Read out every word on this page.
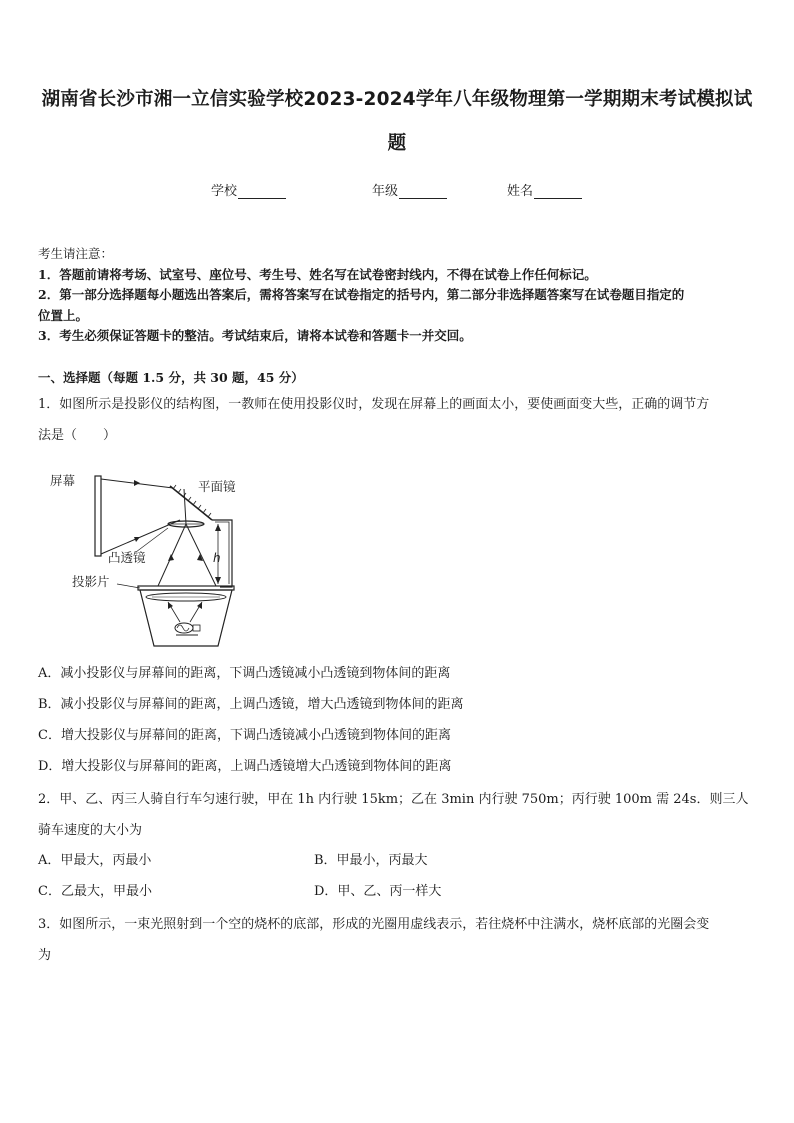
湖南省长沙市湘一立信实验学校2023-2024学年八年级物理第一学期期末考试模拟试
题
学校	年级	姓名
考生请注意：
1．答题前请将考场、试室号、座位号、考生号、姓名写在试卷密封线内，不得在试卷上作任何标记。
2．第一部分选择题每小题选出答案后，需将答案写在试卷指定的括号内，第二部分非选择题答案写在试卷题目指定的
位置上。
3．考生必须保证答题卡的整洁。考试结束后，请将本试卷和答题卡一并交回。
一、选择题（每题 1.5 分，共 30 题，45 分）
1．如图所示是投影仪的结构图，一教师在使用投影仪时，发现在屏幕上的画面太小，要使画面变大些，正确的调节方
法是（　　）
h
屏幕	平面镜
凸透镜
投影片
A．减小投影仪与屏幕间的距离，下调凸透镜减小凸透镜到物体间的距离
B．减小投影仪与屏幕间的距离，上调凸透镜，增大凸透镜到物体间的距离
C．增大投影仪与屏幕间的距离，下调凸透镜减小凸透镜到物体间的距离
D．增大投影仪与屏幕间的距离，上调凸透镜增大凸透镜到物体间的距离
2．甲、乙、丙三人骑自行车匀速行驶，甲在 1h 内行驶 15km；乙在 3min 内行驶 750m；丙行驶 100m 需 24s．则三人
骑车速度的大小为
A．甲最大，丙最小	B．甲最小，丙最大
C．乙最大，甲最小	D．甲、乙、丙一样大
3．如图所示，一束光照射到一个空的烧杯的底部，形成的光圈用虚线表示，若往烧杯中注满水，烧杯底部的光圈会变
为
